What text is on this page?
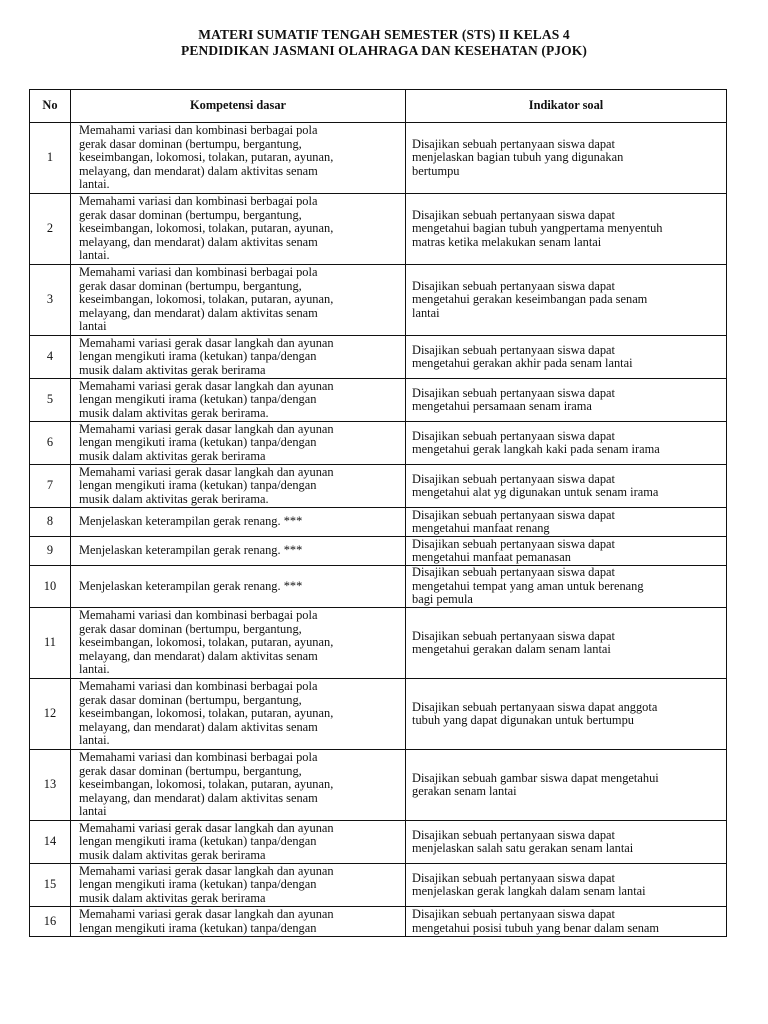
MATERI SUMATIF TENGAH SEMESTER (STS) II KELAS 4
PENDIDIKAN JASMANI OLAHRAGA DAN KESEHATAN (PJOK)
No	Kompetensi dasar	Indikator soal
1	Memahami variasi dan kombinasi berbagai pola
gerak dasar dominan (bertumpu, bergantung,
keseimbangan, lokomosi, tolakan, putaran, ayunan,
melayang, dan mendarat) dalam aktivitas senam
lantai.	Disajikan sebuah pertanyaan siswa dapat
menjelaskan bagian tubuh yang digunakan
bertumpu

2	Memahami variasi dan kombinasi berbagai pola
gerak dasar dominan (bertumpu, bergantung,
keseimbangan, lokomosi, tolakan, putaran, ayunan,
melayang, dan mendarat) dalam aktivitas senam
lantai.	Disajikan sebuah pertanyaan siswa dapat
mengetahui bagian tubuh yangpertama menyentuh
matras ketika melakukan senam lantai

3	Memahami variasi dan kombinasi berbagai pola
gerak dasar dominan (bertumpu, bergantung,
keseimbangan, lokomosi, tolakan, putaran, ayunan,
melayang, dan mendarat) dalam aktivitas senam
lantai	Disajikan sebuah pertanyaan siswa dapat
mengetahui gerakan keseimbangan pada senam
lantai

4	Memahami variasi gerak dasar langkah dan ayunan
lengan mengikuti irama (ketukan) tanpa/dengan
musik dalam aktivitas gerak berirama	Disajikan sebuah pertanyaan siswa dapat
mengetahui gerakan akhir pada senam lantai

5	Memahami variasi gerak dasar langkah dan ayunan
lengan mengikuti irama (ketukan) tanpa/dengan
musik dalam aktivitas gerak berirama.	Disajikan sebuah pertanyaan siswa dapat
mengetahui persamaan senam irama

6	Memahami variasi gerak dasar langkah dan ayunan
lengan mengikuti irama (ketukan) tanpa/dengan
musik dalam aktivitas gerak berirama	Disajikan sebuah pertanyaan siswa dapat
mengetahui gerak langkah kaki pada senam irama

7	Memahami variasi gerak dasar langkah dan ayunan
lengan mengikuti irama (ketukan) tanpa/dengan
musik dalam aktivitas gerak berirama.	Disajikan sebuah pertanyaan siswa dapat
mengetahui alat yg digunakan untuk senam irama

8	Menjelaskan keterampilan gerak renang. ***	Disajikan sebuah pertanyaan siswa dapat
mengetahui manfaat renang

9	Menjelaskan keterampilan gerak renang. ***	Disajikan sebuah pertanyaan siswa dapat
mengetahui manfaat pemanasan

10	Menjelaskan keterampilan gerak renang. ***	Disajikan sebuah pertanyaan siswa dapat
mengetahui tempat yang aman untuk berenang
bagi pemula

11	Memahami variasi dan kombinasi berbagai pola
gerak dasar dominan (bertumpu, bergantung,
keseimbangan, lokomosi, tolakan, putaran, ayunan,
melayang, dan mendarat) dalam aktivitas senam
lantai.	Disajikan sebuah pertanyaan siswa dapat
mengetahui gerakan dalam senam lantai

12	Memahami variasi dan kombinasi berbagai pola
gerak dasar dominan (bertumpu, bergantung,
keseimbangan, lokomosi, tolakan, putaran, ayunan,
melayang, dan mendarat) dalam aktivitas senam
lantai.	Disajikan sebuah pertanyaan siswa dapat anggota
tubuh yang dapat digunakan untuk bertumpu

13	Memahami variasi dan kombinasi berbagai pola
gerak dasar dominan (bertumpu, bergantung,
keseimbangan, lokomosi, tolakan, putaran, ayunan,
melayang, dan mendarat) dalam aktivitas senam
lantai	Disajikan sebuah gambar siswa dapat mengetahui
gerakan senam lantai

14	Memahami variasi gerak dasar langkah dan ayunan
lengan mengikuti irama (ketukan) tanpa/dengan
musik dalam aktivitas gerak berirama	Disajikan sebuah pertanyaan siswa dapat
menjelaskan salah satu gerakan senam lantai

15	Memahami variasi gerak dasar langkah dan ayunan
lengan mengikuti irama (ketukan) tanpa/dengan
musik dalam aktivitas gerak berirama	Disajikan sebuah pertanyaan siswa dapat
menjelaskan gerak langkah dalam senam lantai

16	Memahami variasi gerak dasar langkah dan ayunan
lengan mengikuti irama (ketukan) tanpa/dengan	Disajikan sebuah pertanyaan siswa dapat
mengetahui posisi tubuh yang benar dalam senam
